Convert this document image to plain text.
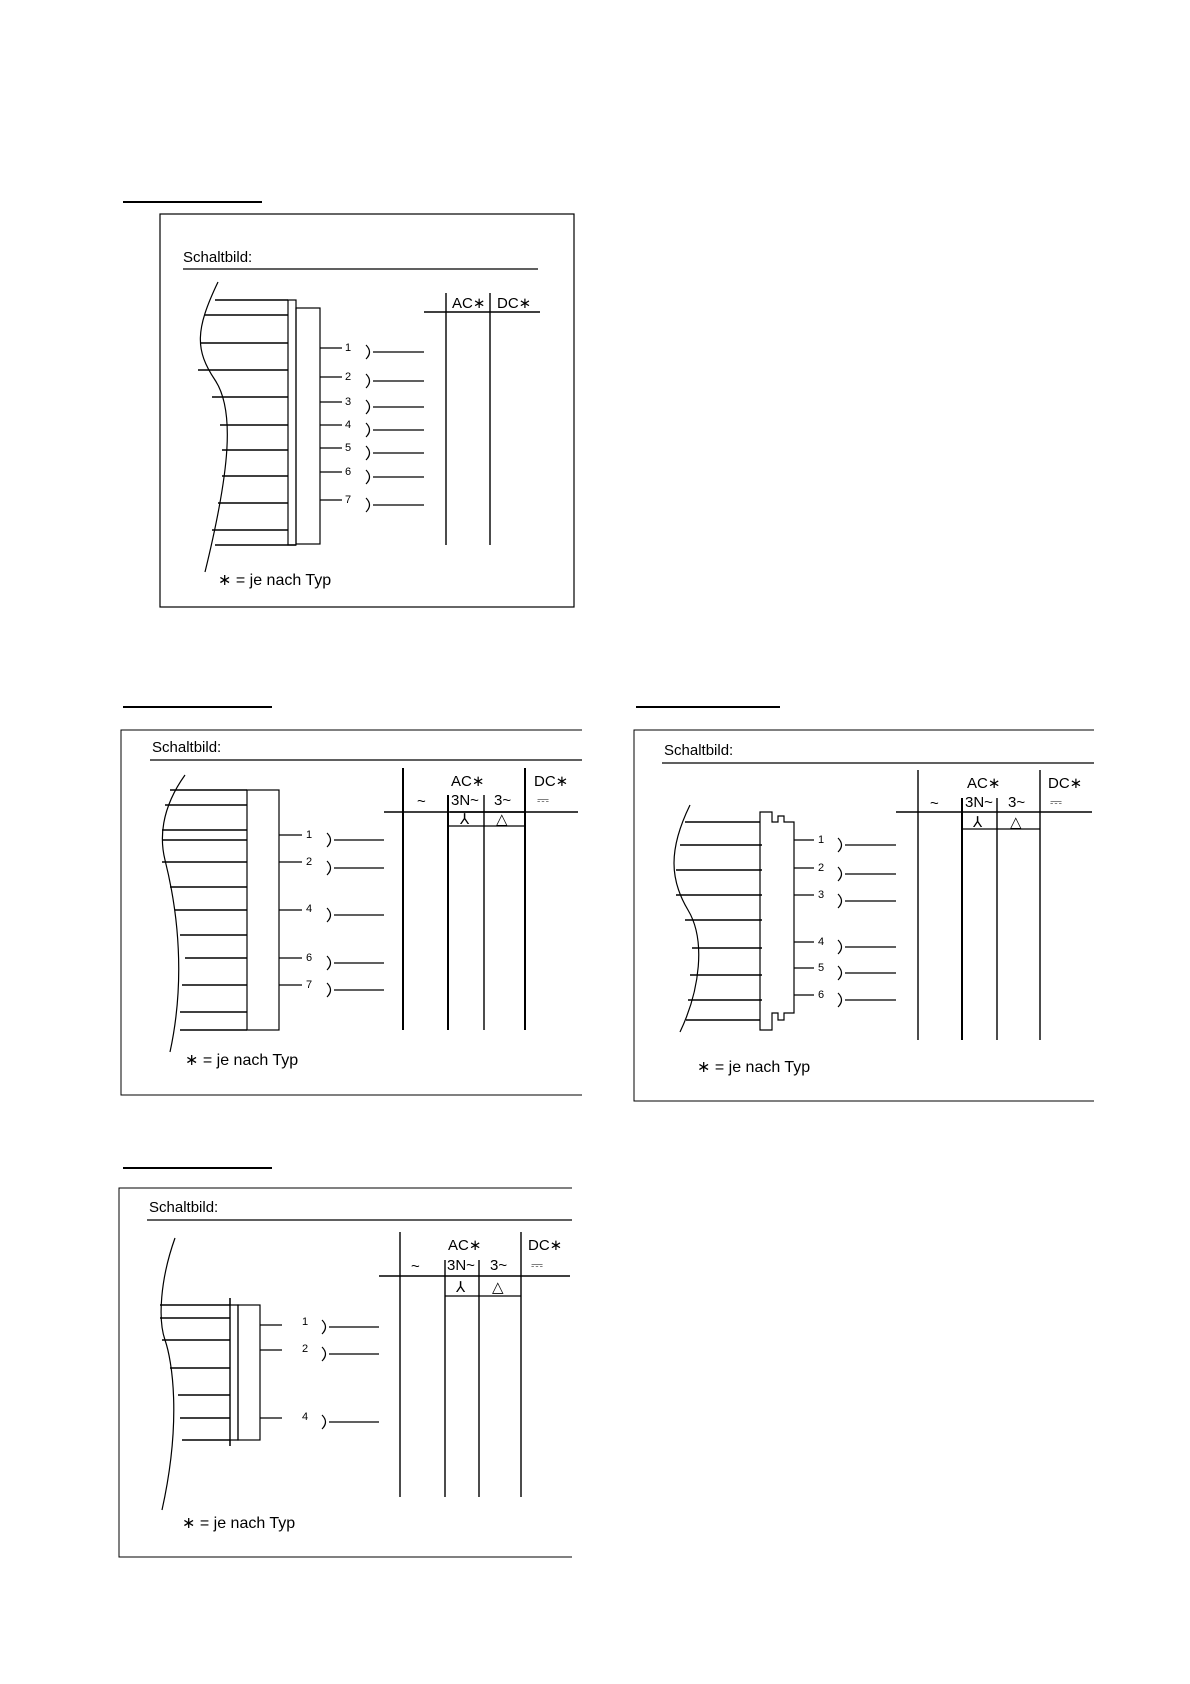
Schaltbild:
1
2
3
4
5
6
7
AC∗ DC∗
∗ = je nach Typ
Schaltbild:
1
2
4
6
7
AC∗	DC∗
~ 3N~ 3~ ⎓
⅄ △
∗ = je nach Typ
Schaltbild:
1
2
3
4
5
6
AC∗	DC∗
~ 3N~ 3~ ⎓
⅄ △
∗ = je nach Typ
Schaltbild:
1
2
4
AC∗	DC∗
~ 3N~ 3~ ⎓
⅄ △
∗ = je nach Typ
